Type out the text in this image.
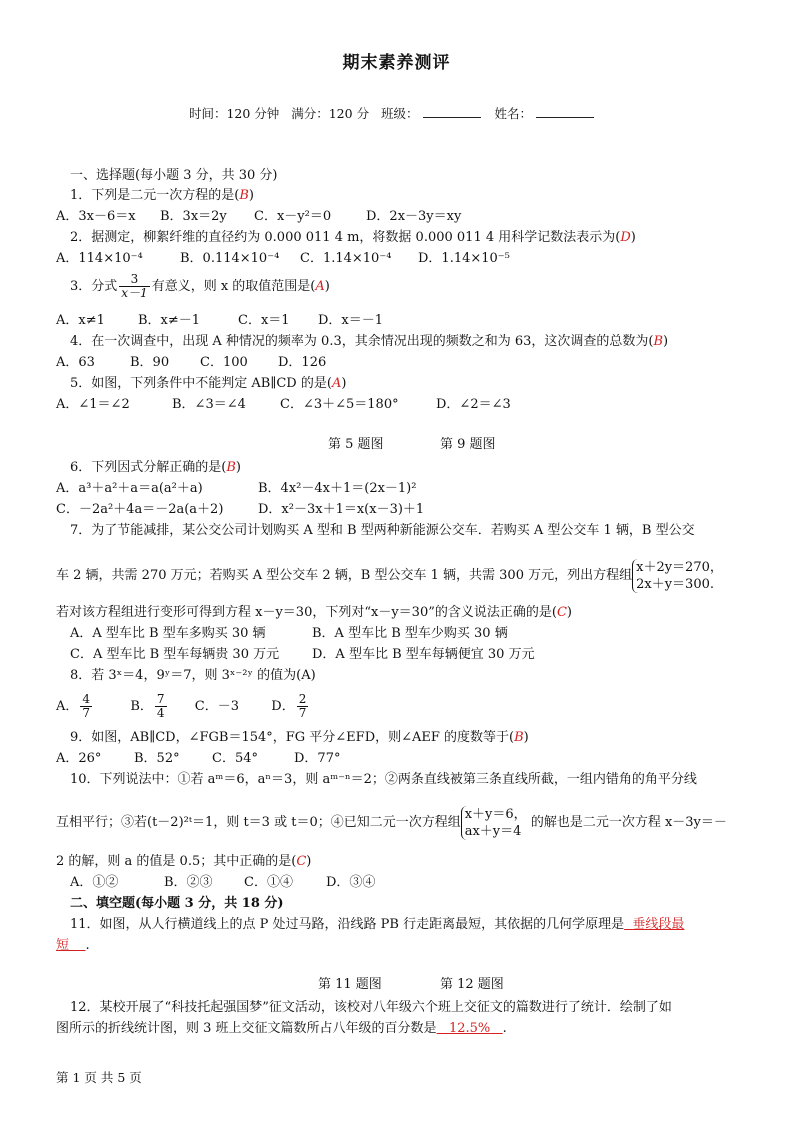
期末素养测评
时间：120 分钟 满分：120 分 班级：	姓名：
一、选择题(每小题 3 分，共 30 分)
1．下列是二元一次方程的是(B)
A．3x－6＝x B．3x＝2y C．x－y²＝0	D．2x－3y＝xy
2．据测定，柳絮纤维的直径约为 0.000 011 4 m，将数据 0.000 011 4 用科学记数法表示为(D)
A．114×10⁻⁴	B．0.114×10⁻⁴ C．1.14×10⁻⁴ D．1.14×10⁻⁵
3．分式 $\frac{3}{x-1}$ 有意义，则 x 的取值范围是(A)
A．x≠1	B．x≠－1	C．x＝1 D．x＝－1
4．在一次调查中，出现 A 种情况的频率为 0.3，其余情况出现的频数之和为 63，这次调查的总数为(B)
A．63	B．90 C．100 D．126
5．如图，下列条件中不能判定 AB∥CD 的是(A)
A．∠1＝∠2	B．∠3＝∠4	C．∠3＋∠5＝180°	D．∠2＝∠3
第 5 题图	第 9 题图
6．下列因式分解正确的是(B)
A．a³＋a²＋a＝a(a²＋a)	B．4x²－4x＋1＝(2x－1)²
C．－2a²＋4a＝－2a(a＋2)	D．x²－3x＋1＝x(x－3)＋1
7．为了节能减排，某公交公司计划购买 A 型和 B 型两种新能源公交车．若购买 A 型公交车 1 辆，B 型公交
车 2 辆，共需 270 万元；若购买 A 型公交车 2 辆，B 型公交车 1 辆，共需 300 万元，列出方程组
x＋2y＝270，
2x＋y＝300.
若对该方程组进行变形可得到方程 x－y＝30，下列对“x－y＝30”的含义说法正确的是(C)
A．A 型车比 B 型车多购买 30 辆	B．A 型车比 B 型车少购买 30 辆
C．A 型车比 B 型车每辆贵 30 万元	D．A 型车比 B 型车每辆便宜 30 万元
8．若 3ˣ＝4，9ʸ＝7，则 3ˣ⁻²ʸ 的值为(A)
A． $\frac{4}{7}$	B． $\frac{7}{4}$ C．－3 D． $\frac{2}{7}$
9．如图，AB∥CD，∠FGB＝154°，FG 平分∠EFD，则∠AEF 的度数等于(B)
A．26°	B．52° C．54°	D．77°
10．下列说法中：①若 aᵐ＝6，aⁿ＝3，则 aᵐ⁻ⁿ＝2；②两条直线被第三条直线所截，一组内错角的角平分线
互相平行；③若(t－2)²ᵗ＝1，则 t＝3 或 t＝0；④已知二元一次方程组
x＋y＝6，
ax＋y＝4
的解也是二元一次方程 x－3y＝－
2 的解，则 a 的值是 0.5；其中正确的是(C)
A．①②	B．②③ C．①④	D．③④
二、填空题(每小题 3 分，共 18 分)
11．如图，从人行横道线上的点 P 处过马路，沿线路 PB 行走距离最短，其依据的几何学原理是 垂线段最
短 .
第 11 题图	第 12 题图
12．某校开展了“科技托起强国梦”征文活动，该校对八年级六个班上交征文的篇数进行了统计．绘制了如
图所示的折线统计图，则 3 班上交征文篇数所占八年级的百分数是 12.5% .
第 1 页 共 5 页
